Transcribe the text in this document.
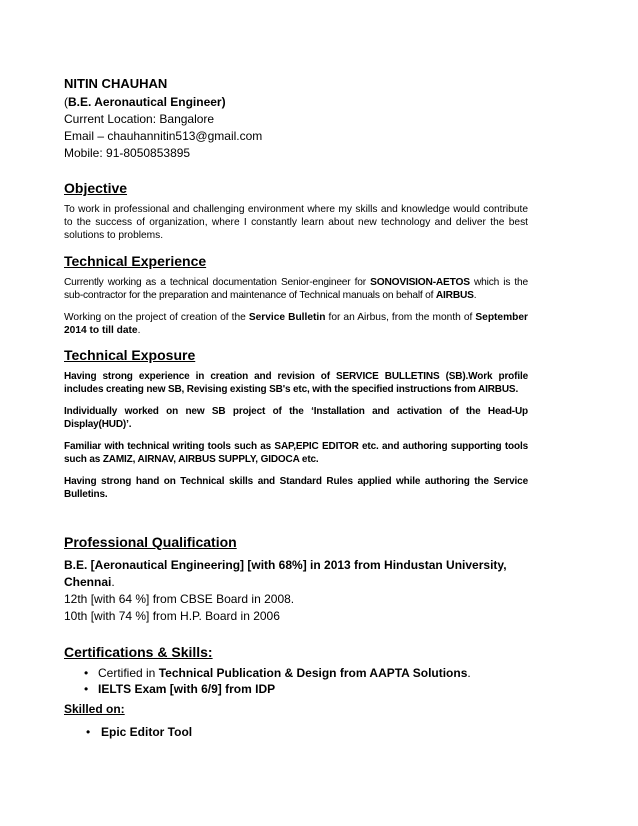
NITIN CHAUHAN

(B.E. Aeronautical Engineer)

Current Location: Bangalore

Email – chauhannitin513@gmail.com

Mobile: 91-8050853895

Objective

To work in professional and challenging environment where my skills and knowledge would contribute to the success of organization, where I constantly learn about new technology and deliver the best solutions to problems.

Technical Experience

Currently working as a technical documentation Senior-engineer for SONOVISION-AETOS which is the sub-contractor for the preparation and maintenance of Technical manuals on behalf of AIRBUS.

Working on the project of creation of the Service Bulletin for an Airbus, from the month of September 2014 to till date.

Technical Exposure

Having strong experience in creation and revision of SERVICE BULLETINS (SB).Work profile includes creating new SB, Revising existing SB's etc, with the specified instructions from AIRBUS.

Individually worked on new SB project of the ‘Installation and activation of the Head-Up Display(HUD)’.

Familiar with technical writing tools such as SAP,EPIC EDITOR etc. and authoring supporting tools such as ZAMIZ, AIRNAV, AIRBUS SUPPLY, GIDOCA etc.

Having strong hand on Technical skills and Standard Rules applied while authoring the Service Bulletins.

Professional Qualification

B.E. [Aeronautical Engineering] [with 68%] in 2013 from Hindustan University, Chennai.

12th [with 64 %] from CBSE Board in 2008.

10th [with 74 %] from H.P. Board in 2006

Certifications & Skills:
• Certified in Technical Publication & Design from AAPTA Solutions.
• IELTS Exam [with 6/9] from IDP

Skilled on:

• Epic Editor Tool
